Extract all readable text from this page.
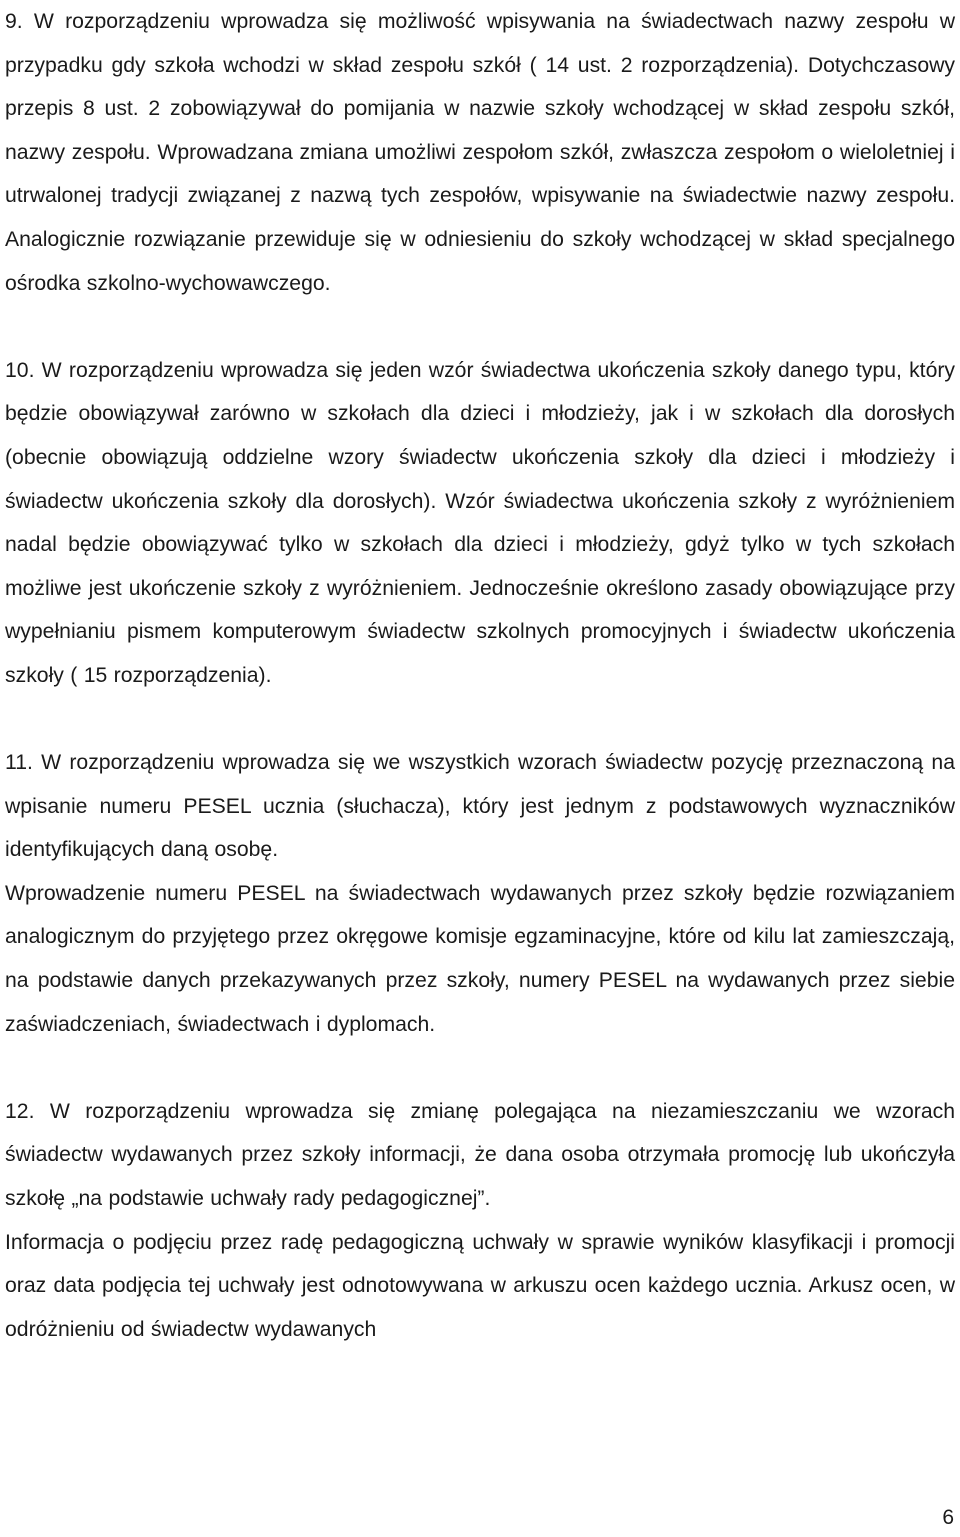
9. W rozporządzeniu wprowadza się możliwość wpisywania na świadectwach nazwy zespołu w przypadku gdy szkoła wchodzi w skład zespołu szkół ( 14 ust. 2 rozporządzenia). Dotychczasowy przepis 8 ust. 2 zobowiązywał do pomijania w nazwie szkoły wchodzącej w skład zespołu szkół, nazwy zespołu. Wprowadzana zmiana umożliwi zespołom szkół, zwłaszcza zespołom o wieloletniej i utrwalonej tradycji związanej z nazwą tych zespołów, wpisywanie na świadectwie nazwy zespołu. Analogicznie rozwiązanie przewiduje się w odniesieniu do szkoły wchodzącej w skład specjalnego ośrodka szkolno-wychowawczego.

10. W rozporządzeniu wprowadza się jeden wzór świadectwa ukończenia szkoły danego typu, który będzie obowiązywał zarówno w szkołach dla dzieci i młodzieży, jak i w szkołach dla dorosłych (obecnie obowiązują oddzielne wzory świadectw ukończenia szkoły dla dzieci i młodzieży i świadectw ukończenia szkoły dla dorosłych). Wzór świadectwa ukończenia szkoły z wyróżnieniem nadal będzie obowiązywać tylko w szkołach dla dzieci i młodzieży, gdyż tylko w tych szkołach możliwe jest ukończenie szkoły z wyróżnieniem. Jednocześnie określono zasady obowiązujące przy wypełnianiu pismem komputerowym świadectw szkolnych promocyjnych i świadectw ukończenia szkoły ( 15 rozporządzenia).

11. W rozporządzeniu wprowadza się we wszystkich wzorach świadectw pozycję przeznaczoną na wpisanie numeru PESEL ucznia (słuchacza), który jest jednym z podstawowych wyznaczników identyfikujących daną osobę.

Wprowadzenie numeru PESEL na świadectwach wydawanych przez szkoły będzie rozwiązaniem analogicznym do przyjętego przez okręgowe komisje egzaminacyjne, które od kilu lat zamieszczają, na podstawie danych przekazywanych przez szkoły, numery PESEL na wydawanych przez siebie zaświadczeniach, świadectwach i dyplomach.

12. W rozporządzeniu wprowadza się zmianę polegająca na niezamieszczaniu we wzorach świadectw wydawanych przez szkoły informacji, że dana osoba otrzymała promocję lub ukończyła szkołę „na podstawie uchwały rady pedagogicznej”.

Informacja o podjęciu przez radę pedagogiczną uchwały w sprawie wyników klasyfikacji i promocji oraz data podjęcia tej uchwały jest odnotowywana w arkuszu ocen każdego ucznia. Arkusz ocen, w odróżnieniu od świadectw wydawanych

6
